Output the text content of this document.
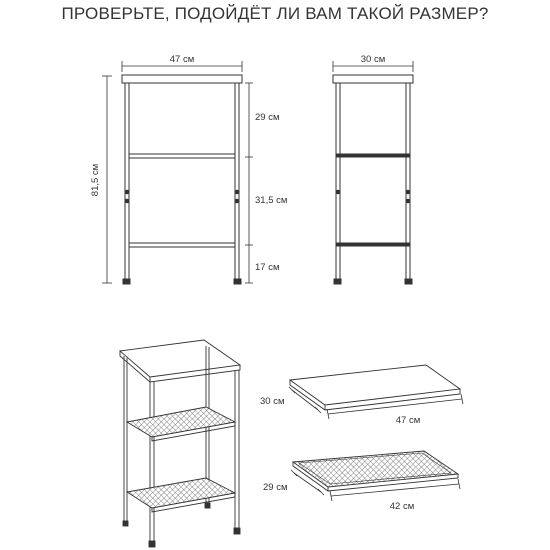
ПРОВЕРЬТЕ, ПОДОЙДЁТ ЛИ ВАМ ТАКОЙ РАЗМЕР?
47 см
81,5 см
29 см
31,5 см
17 см
30 см
30 см
47 см
29 см
42 см
